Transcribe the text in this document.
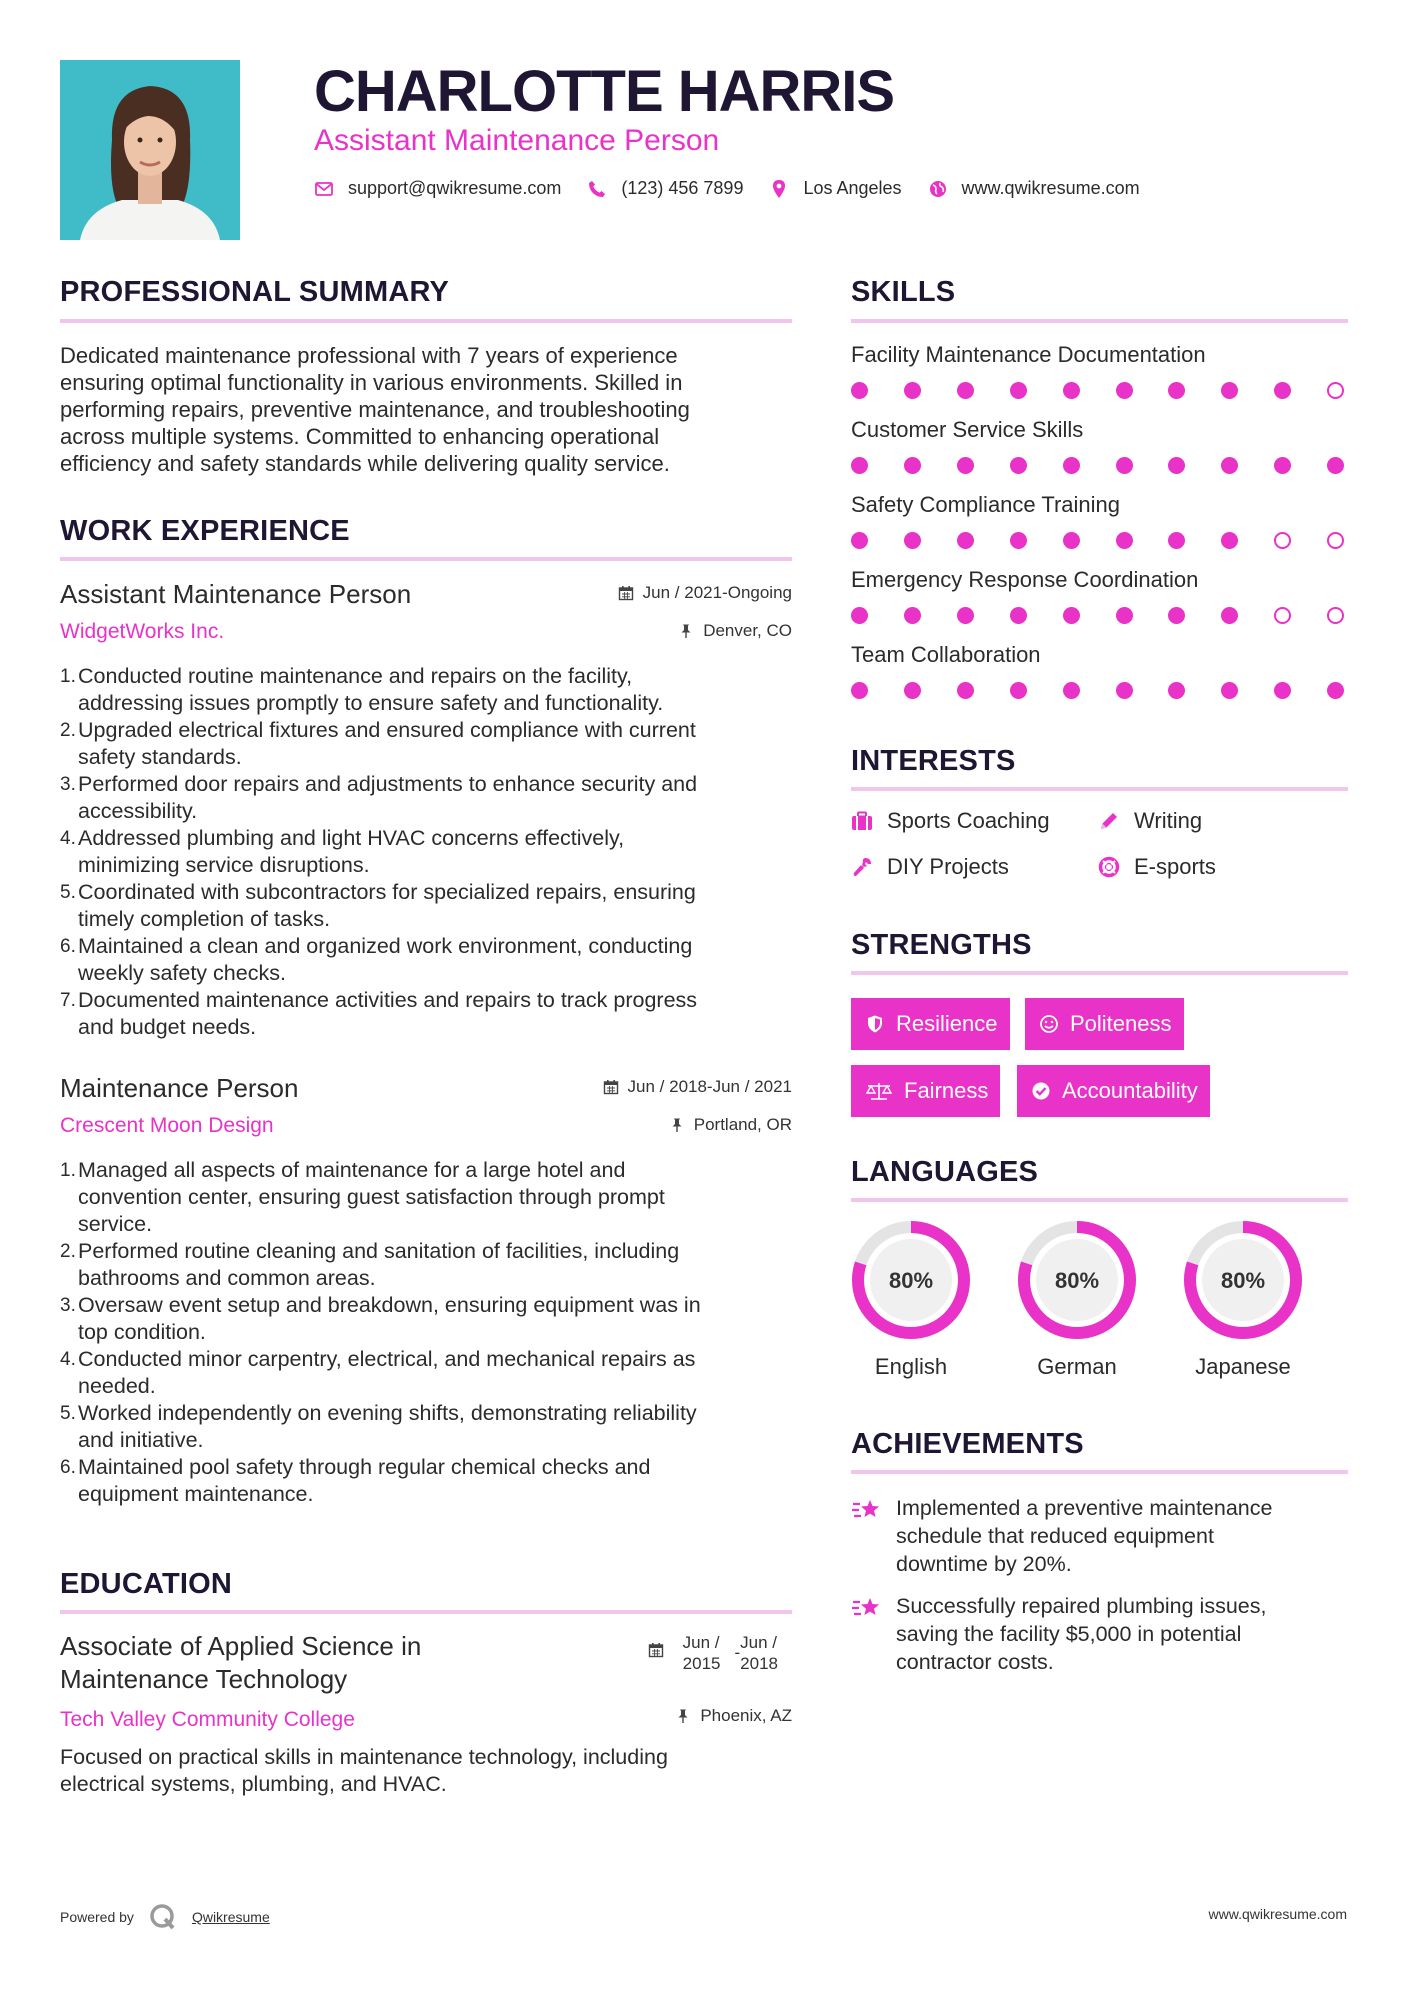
CHARLOTTE HARRIS
Assistant Maintenance Person
support@qwikresume.com	(123) 456 7899	Los Angeles	www.qwikresume.com
PROFESSIONAL SUMMARY
Dedicated maintenance professional with 7 years of experience
ensuring optimal functionality in various environments. Skilled in
performing repairs, preventive maintenance, and troubleshooting
across multiple systems. Committed to enhancing operational
efficiency and safety standards while delivering quality service.
WORK EXPERIENCE
Assistant Maintenance Person
WidgetWorks Inc.
Jun / 2021-Ongoing
Denver, CO
1. Conducted routine maintenance and repairs on the facility,
addressing issues promptly to ensure safety and functionality.
2. Upgraded electrical fixtures and ensured compliance with current
safety standards.
3. Performed door repairs and adjustments to enhance security and
accessibility.
4. Addressed plumbing and light HVAC concerns effectively,
minimizing service disruptions.
5. Coordinated with subcontractors for specialized repairs, ensuring
timely completion of tasks.
6. Maintained a clean and organized work environment, conducting
weekly safety checks.
7. Documented maintenance activities and repairs to track progress
and budget needs.
Maintenance Person
Crescent Moon Design
Jun / 2018-Jun / 2021
Portland, OR
1. Managed all aspects of maintenance for a large hotel and
convention center, ensuring guest satisfaction through prompt
service.
2. Performed routine cleaning and sanitation of facilities, including
bathrooms and common areas.
3. Oversaw event setup and breakdown, ensuring equipment was in
top condition.
4. Conducted minor carpentry, electrical, and mechanical repairs as
needed.
5. Worked independently on evening shifts, demonstrating reliability
and initiative.
6. Maintained pool safety through regular chemical checks and
equipment maintenance.
EDUCATION
Associate of Applied Science in
Maintenance Technology
Tech Valley Community College
Focused on practical skills in maintenance technology, including
electrical systems, plumbing, and HVAC.
Jun /
2015
-
Jun /
2018
Phoenix, AZ
SKILLS
Facility Maintenance Documentation
Customer Service Skills
Safety Compliance Training
Emergency Response Coordination
Team Collaboration
INTERESTS
Sports Coaching	Writing
DIY Projects	E-sports
STRENGTHS
Resilience	Politeness
Fairness	Accountability
LANGUAGES
80%
English
80%
German
80%
Japanese
ACHIEVEMENTS
Implemented a preventive maintenance
schedule that reduced equipment
downtime by 20%.
Successfully repaired plumbing issues,
saving the facility $5,000 in potential
contractor costs.
Powered by	Qwikresume	www.qwikresume.com
